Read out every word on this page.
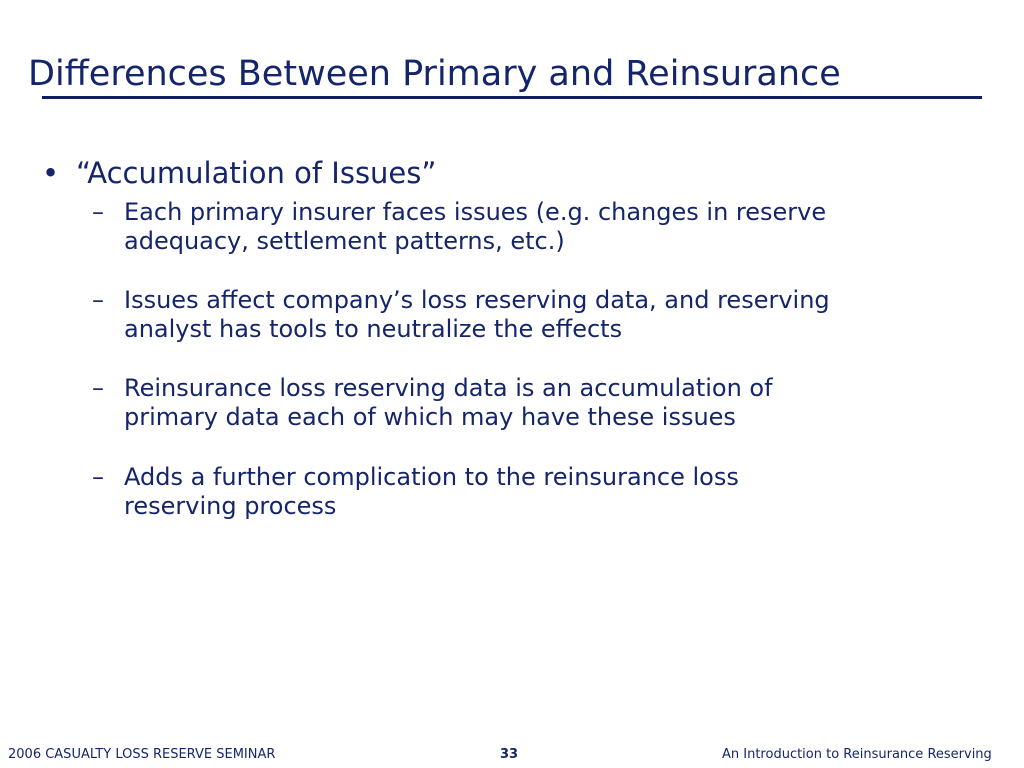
Differences Between Primary and Reinsurance
• “Accumulation of Issues”
– Each primary insurer faces issues (e.g. changes in reserve
adequacy, settlement patterns, etc.)
– Issues affect company’s loss reserving data, and reserving
analyst has tools to neutralize the effects
– Reinsurance loss reserving data is an accumulation of
primary data each of which may have these issues
– Adds a further complication to the reinsurance loss
reserving process
2006 CASUALTY LOSS RESERVE SEMINAR	33	An Introduction to Reinsurance Reserving
